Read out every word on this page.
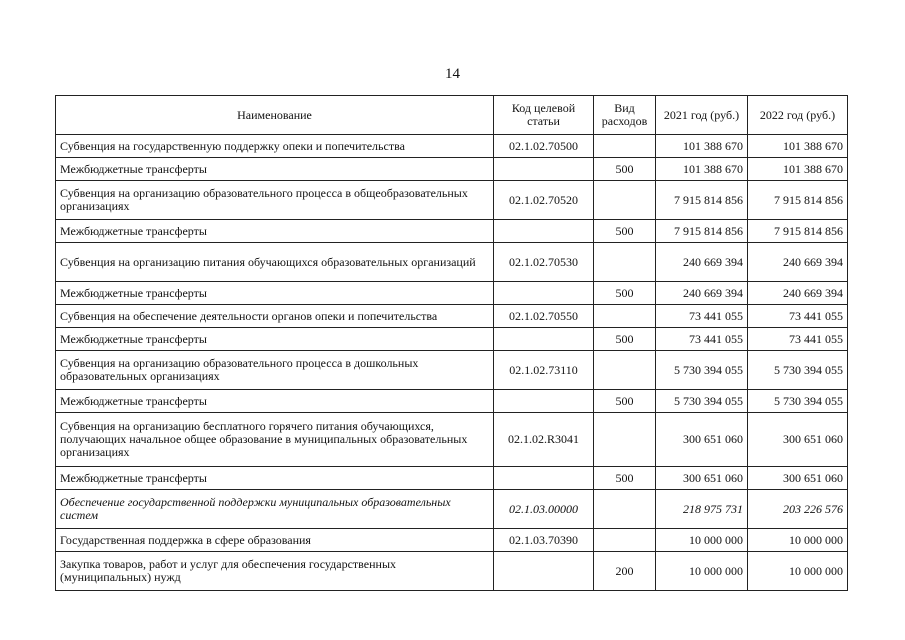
14
Наименование	Код целевой статьи	Вид расходов	2021 год (руб.)	2022 год (руб.)
Субвенция на государственную поддержку опеки и попечительства	02.1.02.70500		101 388 670	101 388 670
Межбюджетные трансферты		500	101 388 670	101 388 670
Субвенция на организацию образовательного процесса в общеобразовательных организациях	02.1.02.70520		7 915 814 856	7 915 814 856
Межбюджетные трансферты		500	7 915 814 856	7 915 814 856
Субвенция на организацию питания обучающихся образовательных организаций	02.1.02.70530		240 669 394	240 669 394
Межбюджетные трансферты		500	240 669 394	240 669 394
Субвенция на обеспечение деятельности органов опеки и попечительства	02.1.02.70550		73 441 055	73 441 055
Межбюджетные трансферты		500	73 441 055	73 441 055
Субвенция на организацию образовательного процесса в дошкольных образовательных организациях	02.1.02.73110		5 730 394 055	5 730 394 055
Межбюджетные трансферты		500	5 730 394 055	5 730 394 055
Субвенция на организацию бесплатного горячего питания обучающихся, получающих начальное общее образование в муниципальных образовательных организациях	02.1.02.R3041		300 651 060	300 651 060
Межбюджетные трансферты		500	300 651 060	300 651 060
Обеспечение государственной поддержки муниципальных образовательных систем	02.1.03.00000		218 975 731	203 226 576
Государственная поддержка в сфере образования	02.1.03.70390		10 000 000	10 000 000
Закупка товаров, работ и услуг для обеспечения государственных (муниципальных) нужд		200	10 000 000	10 000 000
